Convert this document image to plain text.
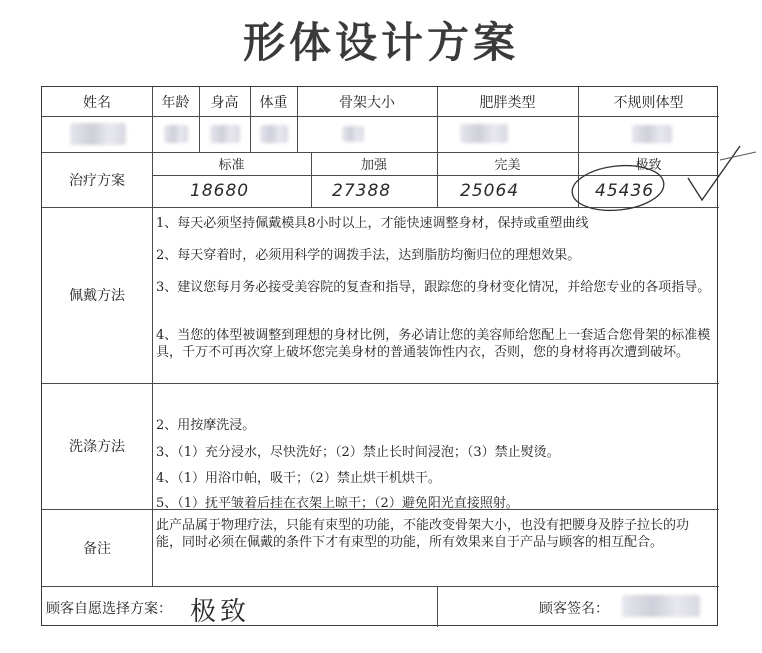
形体设计方案
姓名	年龄	身高	体重	骨架大小	肥胖类型	不规则体型
治疗方案
标准	加强	完美	极致
18680	27388	25064	45436
佩戴方法
1、每天必须坚持佩戴模具8小时以上，才能快速调整身材，保持或重塑曲线
2、每天穿着时，必须用科学的调拨手法，达到脂肪均衡归位的理想效果。
3、建议您每月务必接受美容院的复查和指导，跟踪您的身材变化情况，并给您专业的各项指导。
4、当您的体型被调整到理想的身材比例，务必请让您的美容师给您配上一套适合您骨架的标准模具，千万不可再次穿上破坏您完美身材的普通装饰性内衣，否则，您的身材将再次遭到破坏。
洗涤方法
2、用按摩洗浸。
3、（1）充分浸水，尽快洗好；（2）禁止长时间浸泡；（3）禁止熨烫。
4、（1）用浴巾帕，吸干；（2）禁止烘干机烘干。
5、（1）抚平皱着后挂在衣架上晾干；（2）避免阳光直接照射。
备注
此产品属于物理疗法，只能有束型的功能，不能改变骨架大小，也没有把腰身及脖子拉长的功能，同时必须在佩戴的条件下才有束型的功能，所有效果来自于产品与顾客的相互配合。
顾客自愿选择方案： 极致	顾客签名：
